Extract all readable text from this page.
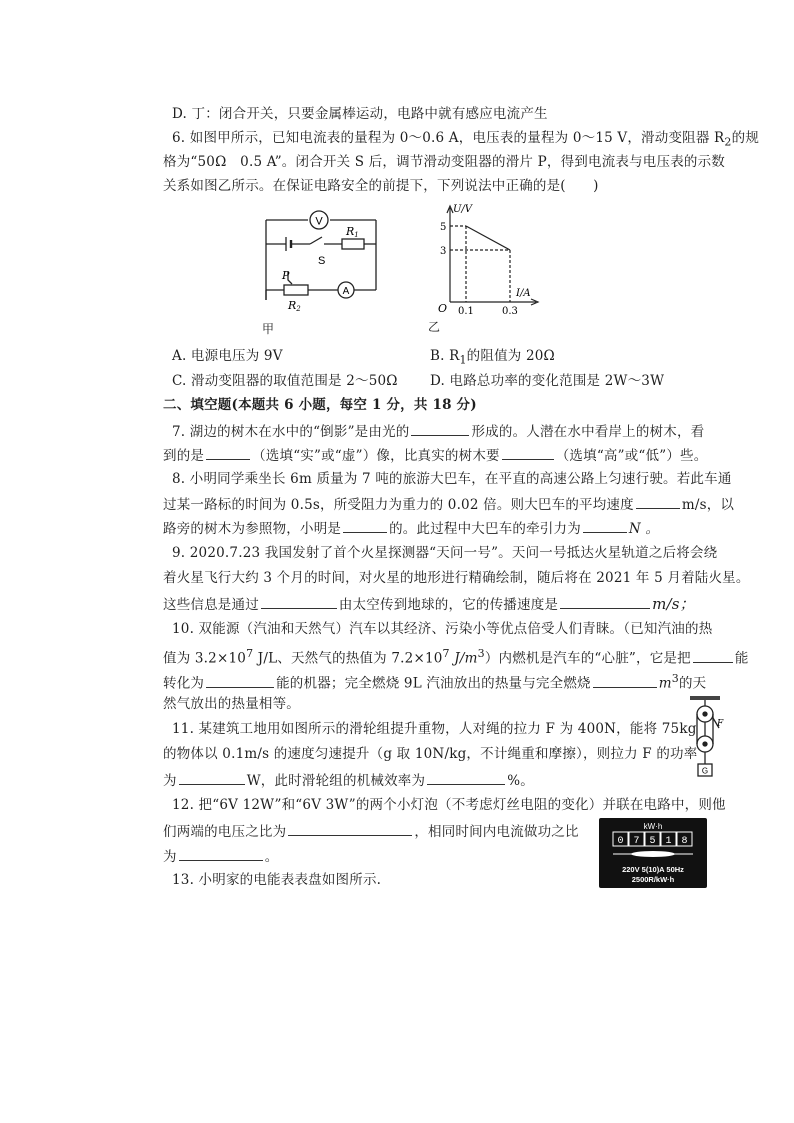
D. 丁：闭合开关，只要金属棒运动，电路中就有感应电流产生
6. 如图甲所示，已知电流表的量程为 0～0.6 A，电压表的量程为 0～15 V，滑动变阻器 $R_2$的规
格为“50Ω　0.5 A”。闭合开关 S 后，调节滑动变阻器的滑片 P，得到电流表与电压表的示数
关系如图乙所示。在保证电路安全的前提下，下列说法中正确的是(　　)
V
A
S
R1
P
R2
甲
U/V
I/A
O
5
3
0.1	0.3
乙
A. 电源电压为 9V	B. $R_1$的阻值为 20Ω
C. 滑动变阻器的取值范围是 2～50Ω D. 电路总功率的变化范围是 2W～3W
二、填空题(本题共 6 小题，每空 1 分，共 18 分)
7. 湖边的树木在水中的“倒影”是由光的	形成的。人潜在水中看岸上的树木，看
到的是	（选填“实”或“虚”）像，比真实的树木要	（选填“高”或“低”）些。
8. 小明同学乘坐长 6m 质量为 7 吨的旅游大巴车，在平直的高速公路上匀速行驶。若此车通
过某一路标的时间为 0.5s，所受阻力为重力的 0.02 倍。则大巴车的平均速度	m/s，以
路旁的树木为参照物，小明是	的。此过程中大巴车的牵引力为	N 。
9. 2020.7.23 我国发射了首个火星探测器“天问一号”。天问一号抵达火星轨道之后将会绕
着火星飞行大约 3 个月的时间，对火星的地形进行精确绘制，随后将在 2021 年 5 月着陆火星。
这些信息是通过	由太空传到地球的，它的传播速度是	m/s；
10. 双能源（汽油和天然气）汽车以其经济、污染小等优点倍受人们青睐。（已知汽油的热
值为 $3.2\times 10^7$ J/L、天然气的热值为 $7.2\times 10^7$ $J/m^3$）内燃机是汽车的“心脏”，它是把	能
转化为	能的机器；完全燃烧 9L 汽油放出的热量与完全燃烧	$m^3$的天
然气放出的热量相等。
11. 某建筑工地用如图所示的滑轮组提升重物，人对绳的拉力 F 为 400N，能将 75kg
的物体以 0.1m/s 的速度匀速提升（g 取 10N/kg，不计绳重和摩擦），则拉力 F 的功率
为	W，此时滑轮组的机械效率为	%。
F
G
12. 把“6V 12W”和“6V 3W”的两个小灯泡（不考虑灯丝电阻的变化）并联在电路中，则他
们两端的电压之比为	，相同时间内电流做功之比
为	。
kW·h
0 7 5 1 8
220V 5(10)A 50Hz
2500R/kW·h
13. 小明家的电能表表盘如图所示.
